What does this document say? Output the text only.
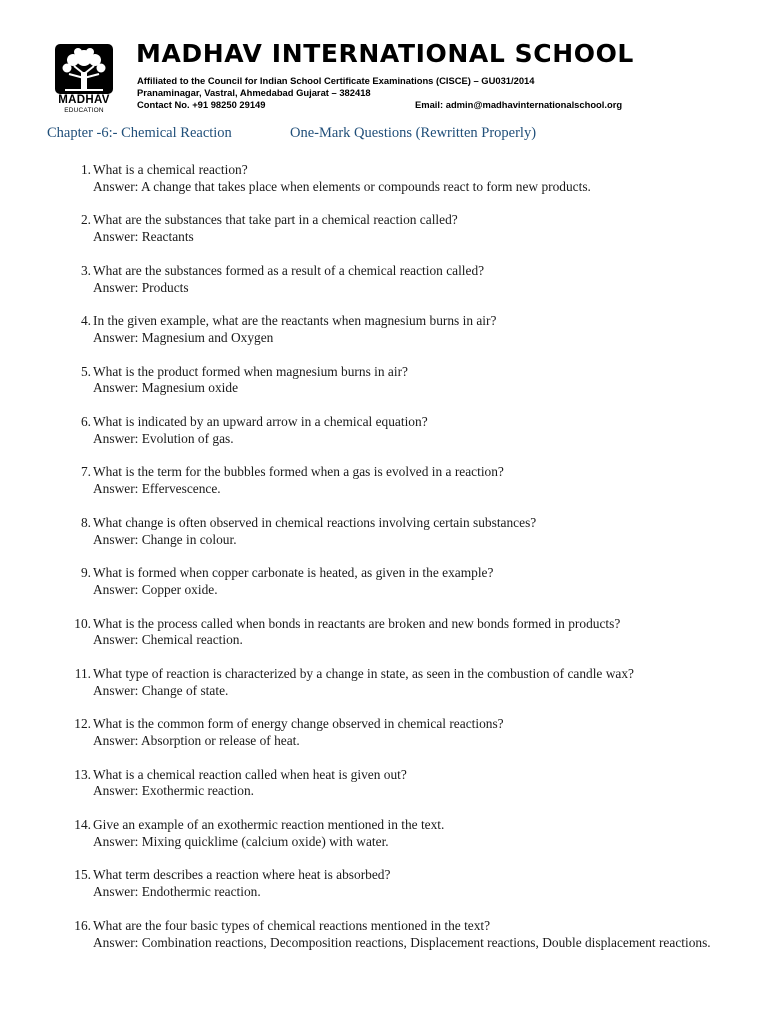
MADHAV
EDUCATION
MADHAV INTERNATIONAL SCHOOL
Affiliated to the Council for Indian School Certificate Examinations (CISCE) – GU031/2014
Pranaminagar, Vastral, Ahmedabad Gujarat – 382418
Contact No. +91 98250 29149	Email: admin@madhavinternationalschool.org
Chapter -6:- Chemical Reaction	One-Mark Questions (Rewritten Properly)
1. What is a chemical reaction?
Answer: A change that takes place when elements or compounds react to form new products.
2. What are the substances that take part in a chemical reaction called?
Answer: Reactants
3. What are the substances formed as a result of a chemical reaction called?
Answer: Products
4. In the given example, what are the reactants when magnesium burns in air?
Answer: Magnesium and Oxygen
5. What is the product formed when magnesium burns in air?
Answer: Magnesium oxide
6. What is indicated by an upward arrow in a chemical equation?
Answer: Evolution of gas.
7. What is the term for the bubbles formed when a gas is evolved in a reaction?
Answer: Effervescence.
8. What change is often observed in chemical reactions involving certain substances?
Answer: Change in colour.
9. What is formed when copper carbonate is heated, as given in the example?
Answer: Copper oxide.
10. What is the process called when bonds in reactants are broken and new bonds formed in products?
Answer: Chemical reaction.
11. What type of reaction is characterized by a change in state, as seen in the combustion of candle wax?
Answer: Change of state.
12. What is the common form of energy change observed in chemical reactions?
Answer: Absorption or release of heat.
13. What is a chemical reaction called when heat is given out?
Answer: Exothermic reaction.
14. Give an example of an exothermic reaction mentioned in the text.
Answer: Mixing quicklime (calcium oxide) with water.
15. What term describes a reaction where heat is absorbed?
Answer: Endothermic reaction.
16. What are the four basic types of chemical reactions mentioned in the text?
Answer: Combination reactions, Decomposition reactions, Displacement reactions, Double displacement reactions.
